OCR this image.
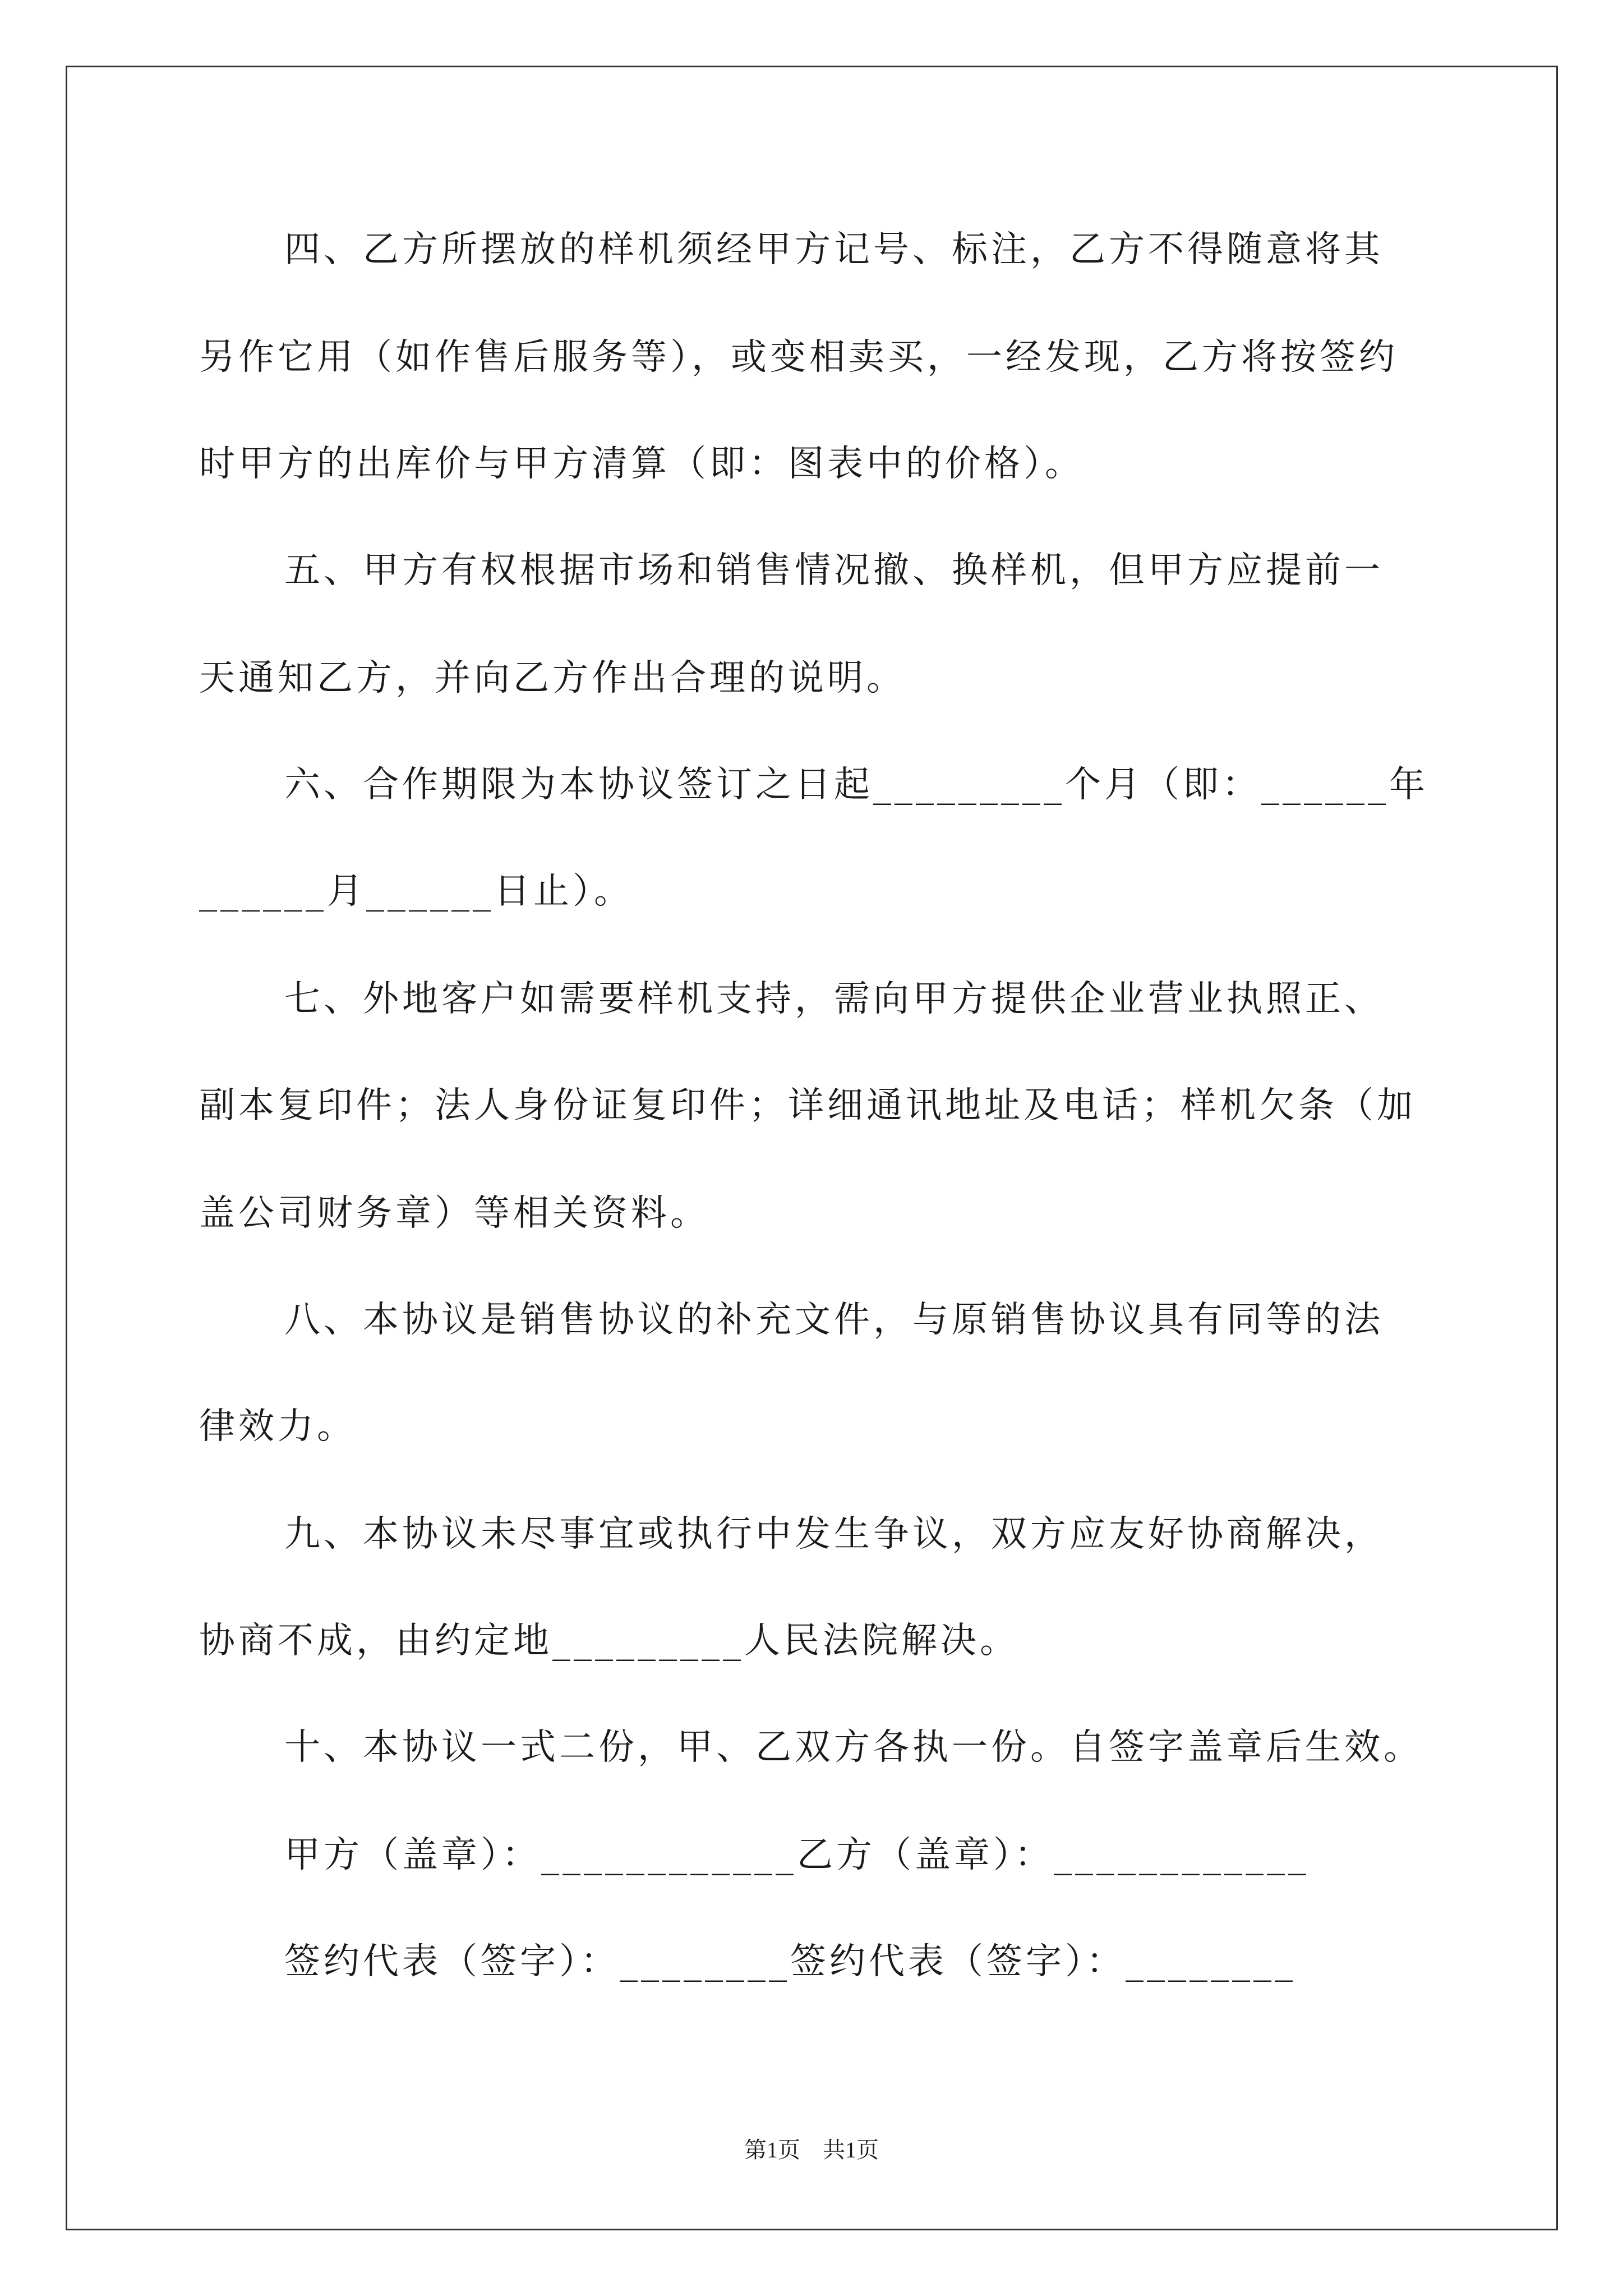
四、乙方所摆放的样机须经甲方记号、标注，乙方不得随意将其
另作它用（如作售后服务等），或变相卖买，一经发现，乙方将按签约
时甲方的出库价与甲方清算（即：图表中的价格）。
五、甲方有权根据市场和销售情况撤、换样机，但甲方应提前一
天通知乙方，并向乙方作出合理的说明。
六、合作期限为本协议签订之日起_________个月（即：______年
______月______日止）。
七、外地客户如需要样机支持，需向甲方提供企业营业执照正、
副本复印件；法人身份证复印件；详细通讯地址及电话；样机欠条（加
盖公司财务章）等相关资料。
八、本协议是销售协议的补充文件，与原销售协议具有同等的法
律效力。
九、本协议未尽事宜或执行中发生争议，双方应友好协商解决，
协商不成，由约定地_________人民法院解决。
十、本协议一式二份，甲、乙双方各执一份。自签字盖章后生效。
甲方（盖章）：____________乙方（盖章）：____________
签约代表（签字）：________签约代表（签字）：________
第1页　共1页
